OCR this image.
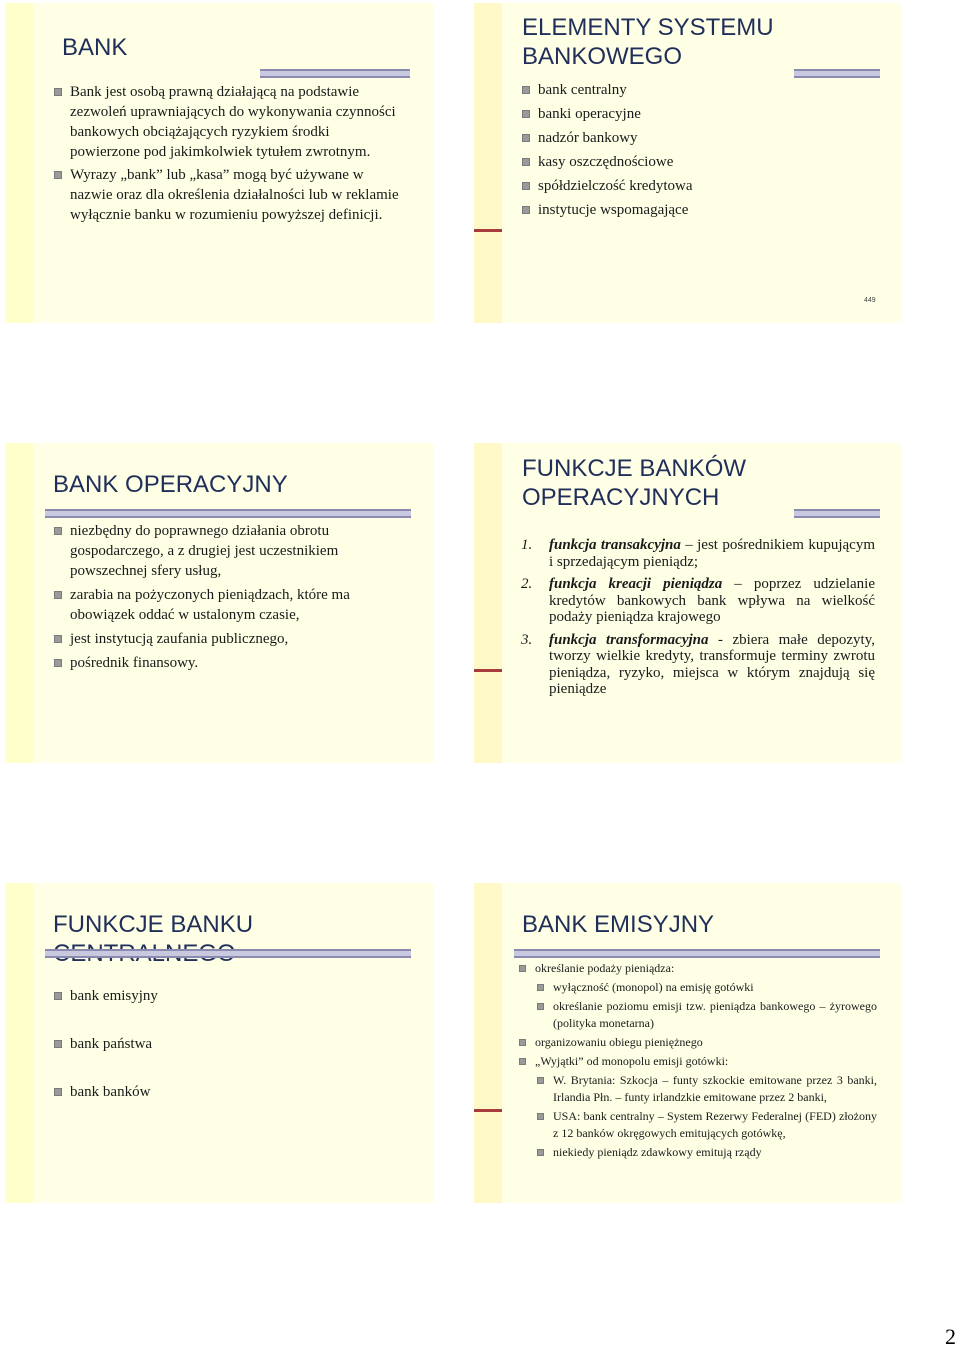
BANK
Bank jest osobą prawną działającą na podstawie zezwoleń uprawniających do wykonywania czynności bankowych obciążających ryzykiem środki powierzone pod jakimkolwiek tytułem zwrotnym.
Wyrazy „bank” lub „kasa” mogą być używane w nazwie oraz dla określenia działalności lub w reklamie wyłącznie banku w rozumieniu powyższej definicji.
ELEMENTY SYSTEMU
BANKOWEGO
bank centralny
banki operacyjne
nadzór bankowy
kasy oszczędnościowe
spółdzielczość kredytowa
instytucje wspomagające
449
BANK OPERACYJNY
niezbędny do poprawnego działania obrotu gospodarczego, a z drugiej jest uczestnikiem powszechnej sfery usług,
zarabia na pożyczonych pieniądzach, które ma obowiązek oddać w ustalonym czasie,
jest instytucją zaufania publicznego,
pośrednik finansowy.
FUNKCJE BANKÓW
OPERACYJNYCH
1. funkcja transakcyjna – jest pośrednikiem kupującym i sprzedającym pieniądz;
2. funkcja kreacji pieniądza – poprzez udzielanie kredytów bankowych bank wpływa na wielkość podaży pieniądza krajowego
3. funkcja transformacyjna - zbiera małe depozyty, tworzy wielkie kredyty, transformuje terminy zwrotu pieniądza, ryzyko, miejsca w którym znajdują się pieniądze
FUNKCJE BANKU
bank emisyjny
bank państwa
bank banków
BANK EMISYJNY
określanie podaży pieniądza:
wyłączność (monopol) na emisję gotówki
określanie poziomu emisji tzw. pieniądza bankowego – żyrowego (polityka monetarna)
organizowaniu obiegu pieniężnego
„Wyjątki” od monopolu emisji gotówki:
W. Brytania: Szkocja – funty szkockie emitowane przez 3 banki, Irlandia Płn. – funty irlandzkie emitowane przez 2 banki,
USA: bank centralny – System Rezerwy Federalnej (FED) złożony z 12 banków okręgowych emitujących gotówkę,
niekiedy pieniądz zdawkowy emitują rządy
2
